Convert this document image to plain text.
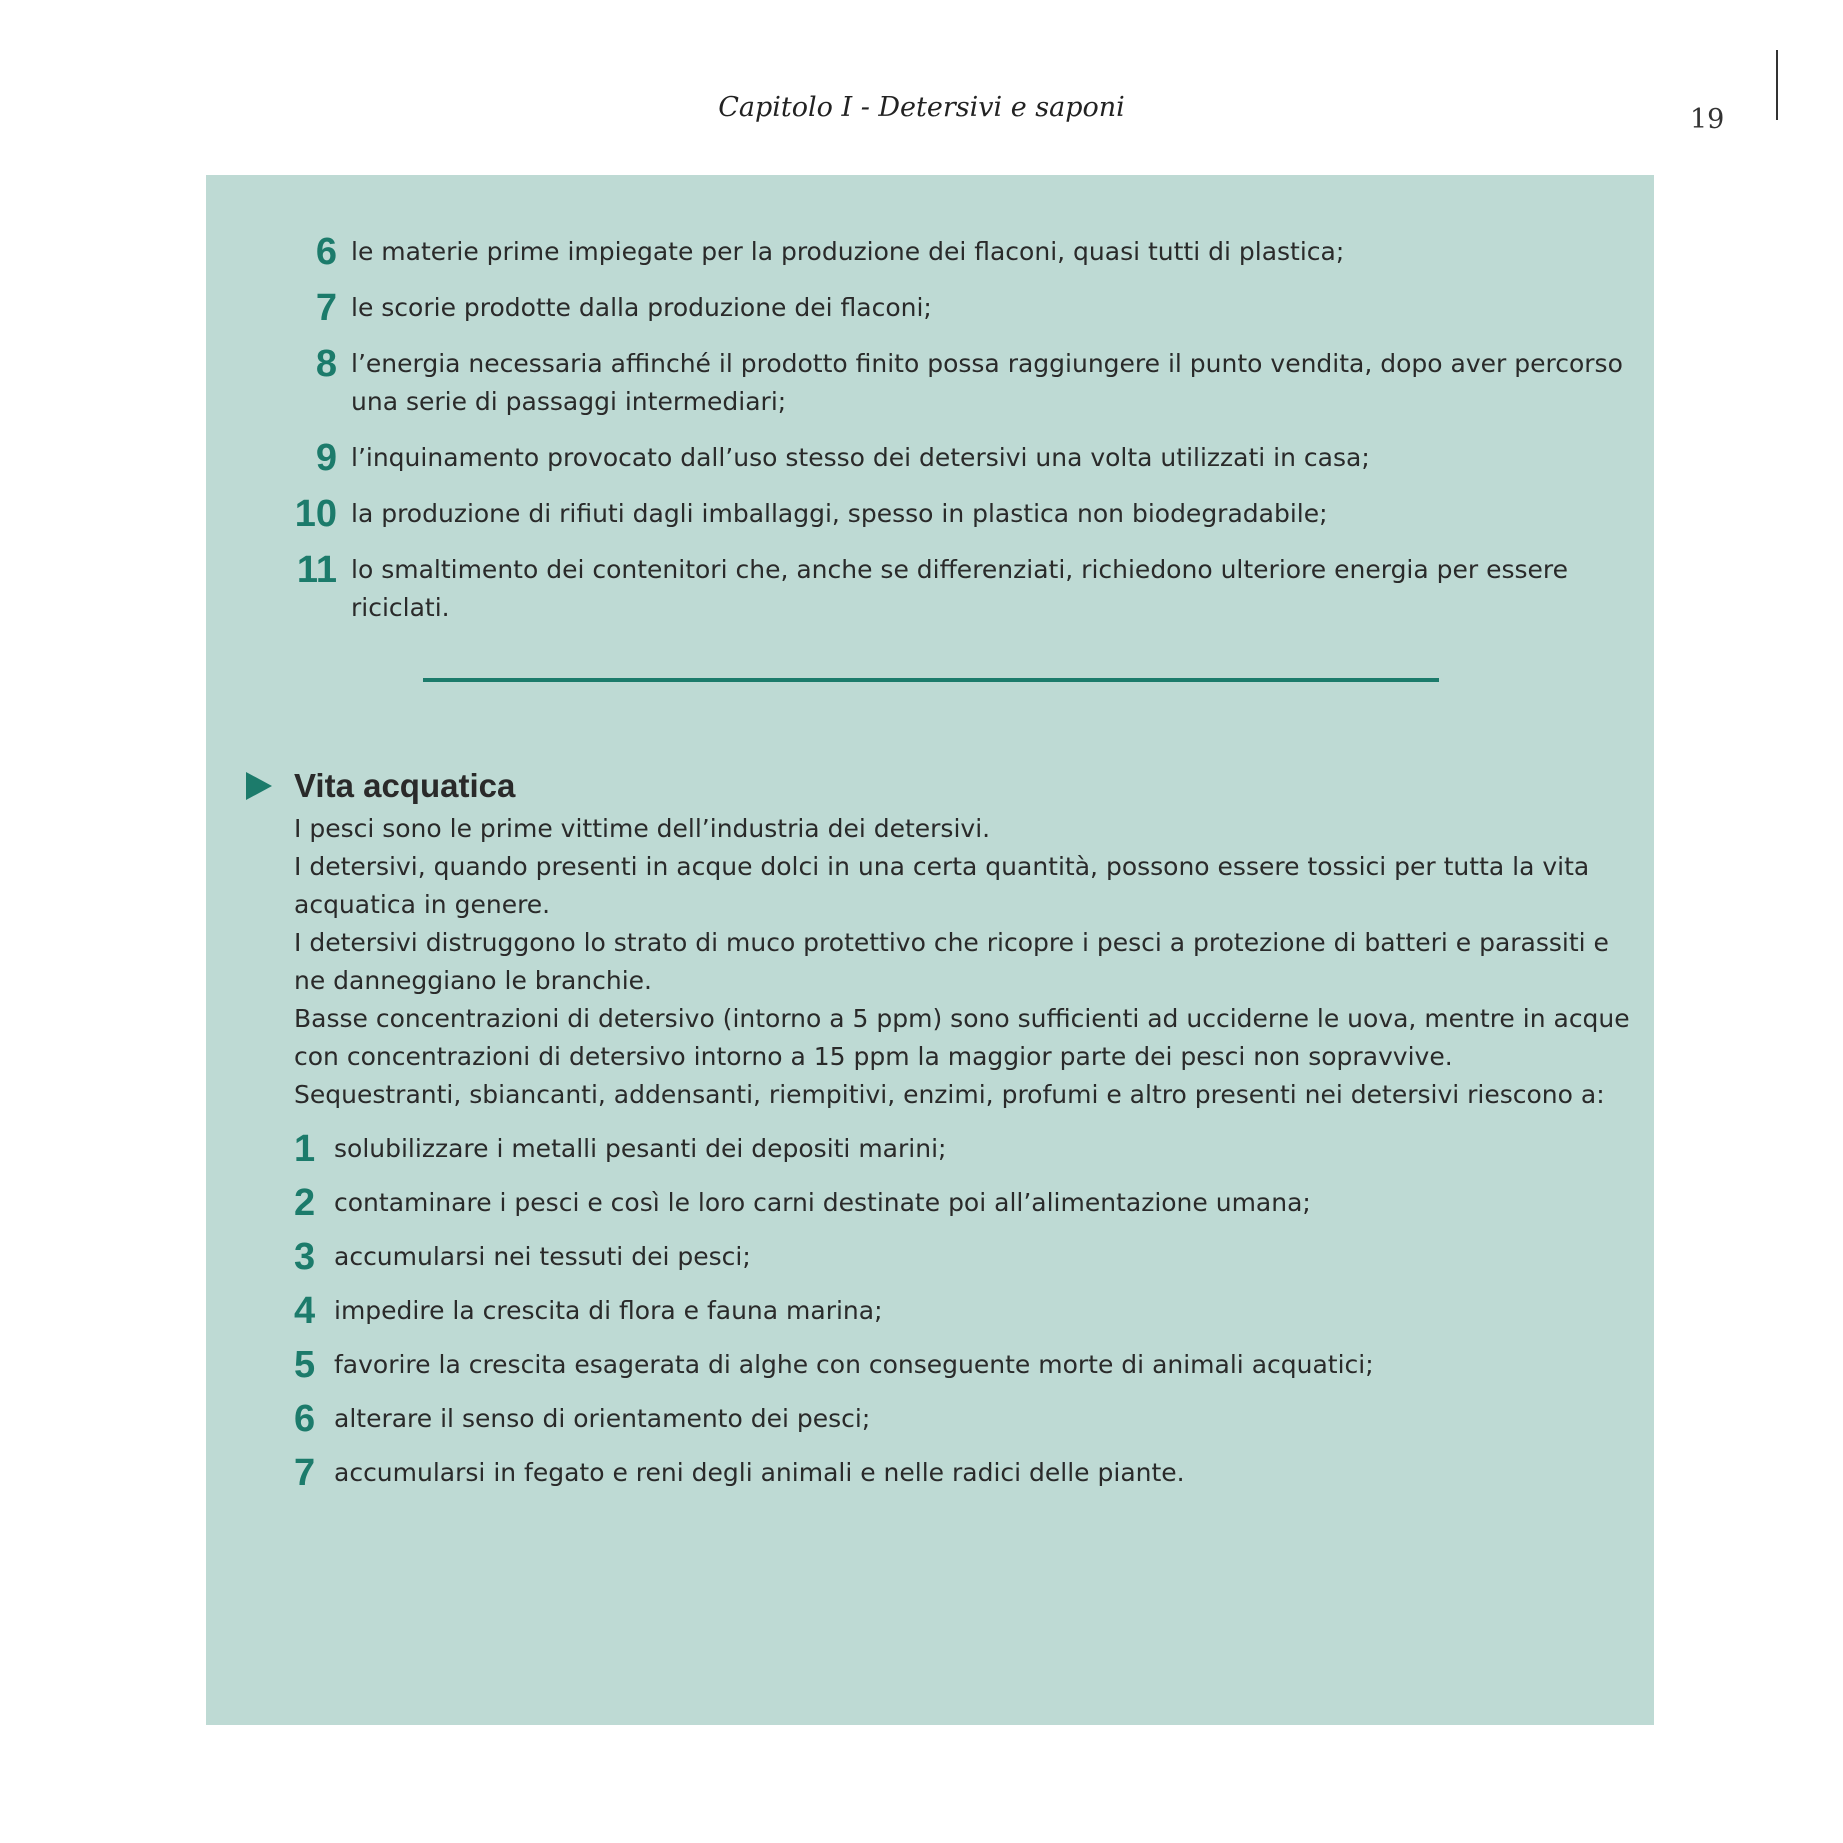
Capitolo I - Detersivi e saponi	19
6 le materie prime impiegate per la produzione dei flaconi, quasi tutti di plastica;
7 le scorie prodotte dalla produzione dei flaconi;
8 l’energia necessaria affinché il prodotto finito possa raggiungere il punto vendita, dopo aver percorso una serie di passaggi intermediari;
9 l’inquinamento provocato dall’uso stesso dei detersivi una volta utilizzati in casa;
10 la produzione di rifiuti dagli imballaggi, spesso in plastica non biodegradabile;
11 lo smaltimento dei contenitori che, anche se differenziati, richiedono ulteriore energia per essere riciclati.
Vita acquatica
I pesci sono le prime vittime dell’industria dei detersivi.
I detersivi, quando presenti in acque dolci in una certa quantità, possono essere tossici per tutta la vita acquatica in genere.
I detersivi distruggono lo strato di muco protettivo che ricopre i pesci a protezione di batteri e parassiti e ne danneggiano le branchie.
Basse concentrazioni di detersivo (intorno a 5 ppm) sono sufficienti ad ucciderne le uova, mentre in acque con concentrazioni di detersivo intorno a 15 ppm la maggior parte dei pesci non sopravvive.
Sequestranti, sbiancanti, addensanti, riempitivi, enzimi, profumi e altro presenti nei detersivi riescono a:
1 solubilizzare i metalli pesanti dei depositi marini;
2 contaminare i pesci e così le loro carni destinate poi all’alimentazione umana;
3 accumularsi nei tessuti dei pesci;
4 impedire la crescita di flora e fauna marina;
5 favorire la crescita esagerata di alghe con conseguente morte di animali acquatici;
6 alterare il senso di orientamento dei pesci;
7 accumularsi in fegato e reni degli animali e nelle radici delle piante.
